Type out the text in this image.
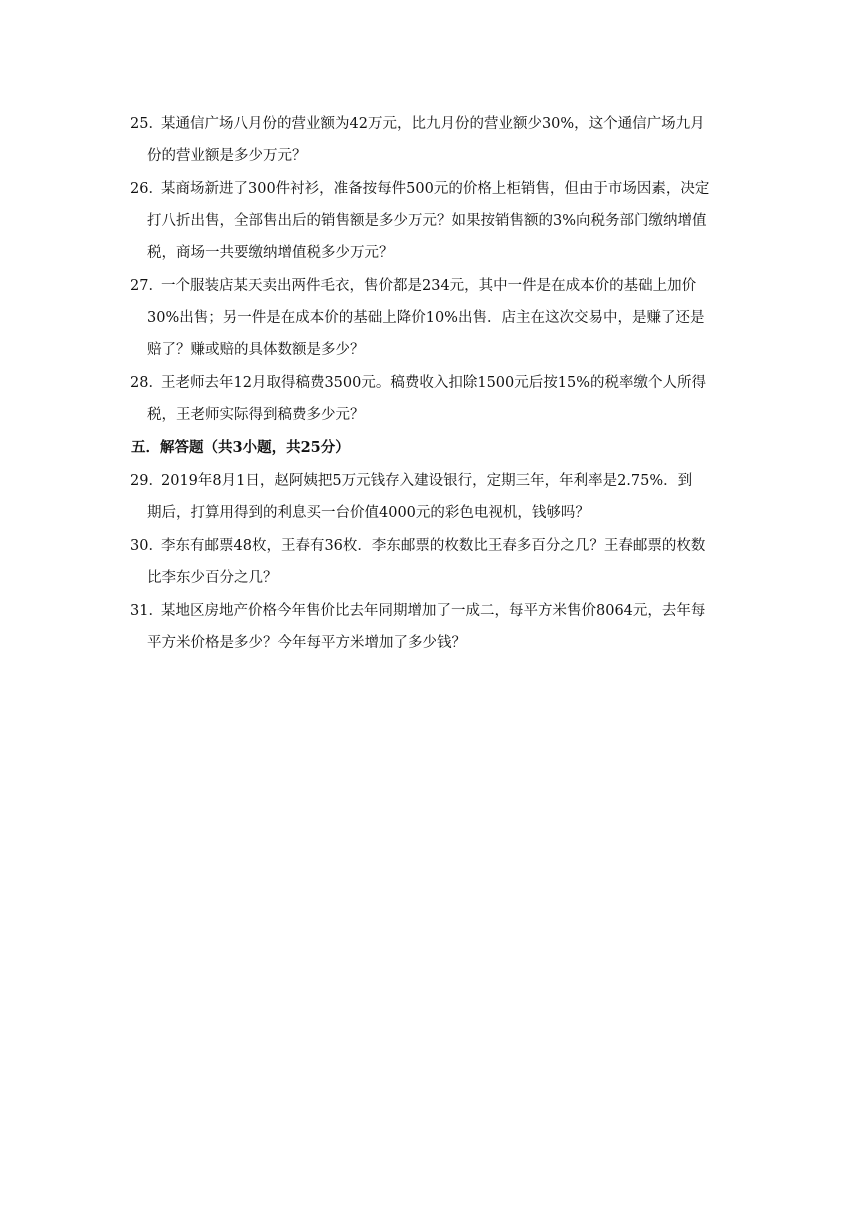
25．
某通信广场八月份的营业额为42万元，比九月份的营业额少30%，这个通信广场九月
份的营业额是多少万元？
26．
某商场新进了300件衬衫，准备按每件500元的价格上柜销售，但由于市场因素，决定
打八折出售，全部售出后的销售额是多少万元？如果按销售额的3%向税务部门缴纳增值
税，商场一共要缴纳增值税多少万元？
27．
一个服装店某天卖出两件毛衣，售价都是234元，其中一件是在成本价的基础上加价
30%出售；另一件是在成本价的基础上降价10%出售．店主在这次交易中，是赚了还是
赔了？赚或赔的具体数额是多少？
28．
王老师去年12月取得稿费3500元。稿费收入扣除1500元后按15%的税率缴个人所得
税，王老师实际得到稿费多少元？
五．解答题（共3小题，共25分）
29．
2019年8月1日，赵阿姨把5万元钱存入建设银行，定期三年，年利率是2.75%．到
期后，打算用得到的利息买一台价值4000元的彩色电视机，钱够吗？
30．
李东有邮票48枚，王春有36枚．李东邮票的枚数比王春多百分之几？王春邮票的枚数
比李东少百分之几？
31．
某地区房地产价格今年售价比去年同期增加了一成二，每平方米售价8064元，去年每
平方米价格是多少？今年每平方米增加了多少钱？
